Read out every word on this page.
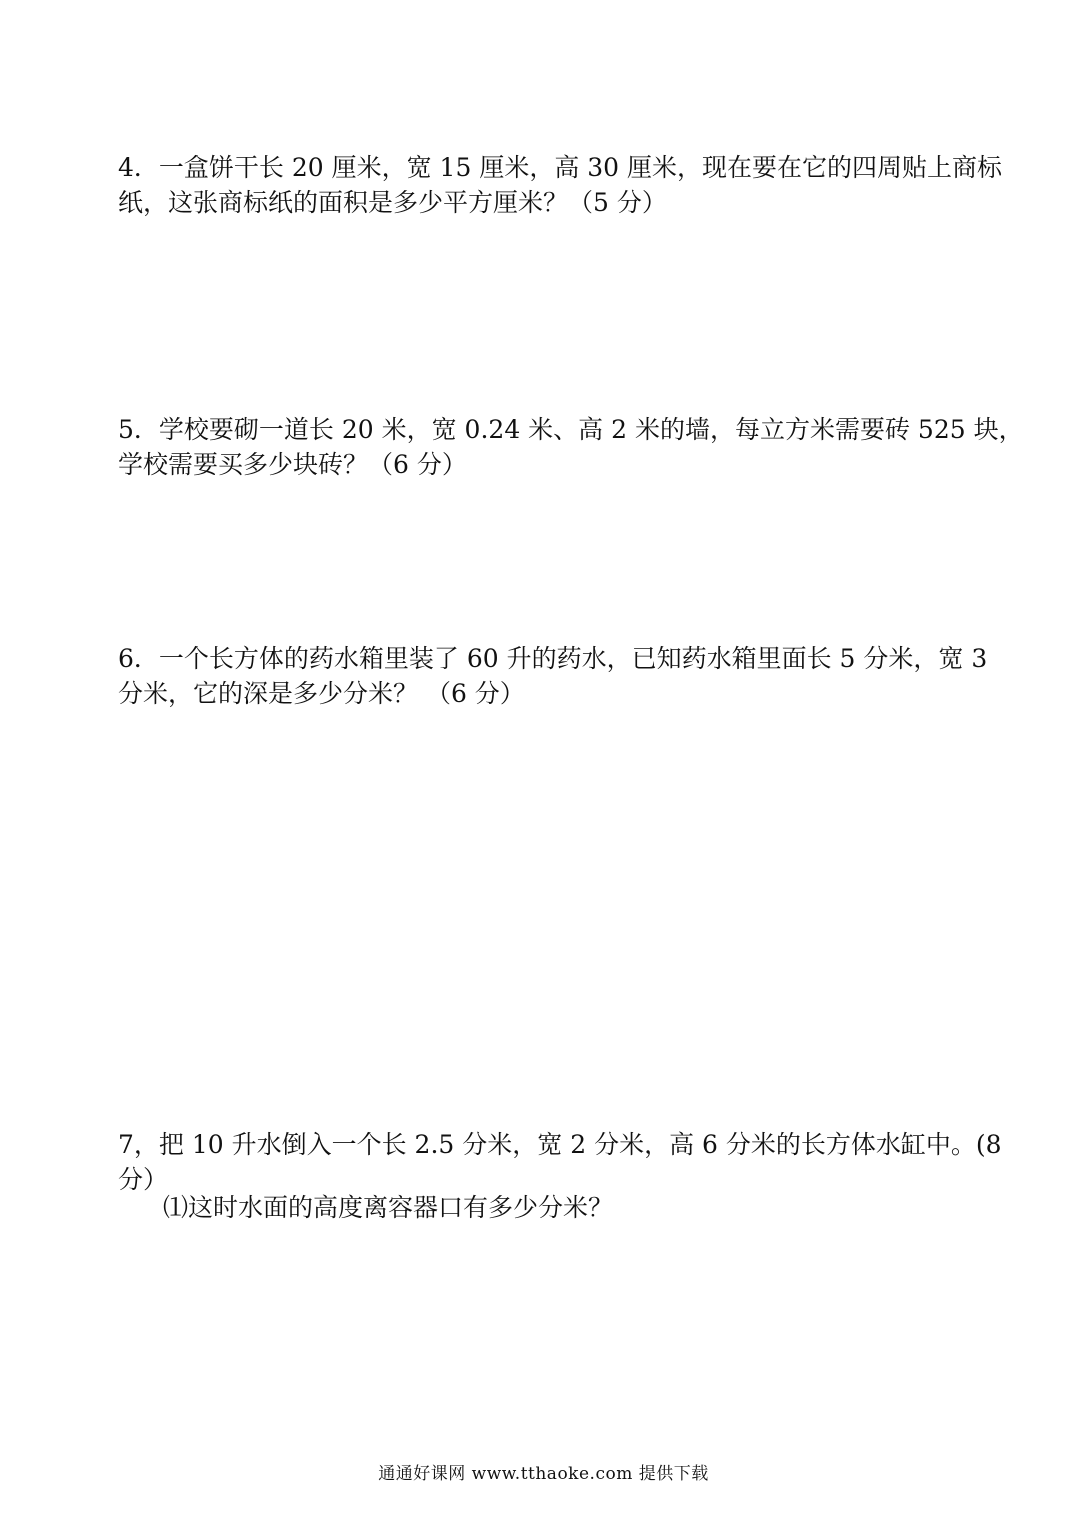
4．一盒饼干长 20 厘米，宽 15 厘米，高 30 厘米，现在要在它的四周贴上商标
纸，这张商标纸的面积是多少平方厘米？（5 分）
5．学校要砌一道长 20 米，宽 0.24 米、高 2 米的墙，每立方米需要砖 525 块，
学校需要买多少块砖？（6 分）
6．一个长方体的药水箱里装了 60 升的药水，已知药水箱里面长 5 分米，宽 3
分米，它的深是多少分米？ （6 分）
7，把 10 升水倒入一个长 2.5 分米，宽 2 分米，高 6 分米的长方体水缸中。(8
分）

⑴这时水面的高度离容器口有多少分米？

通通好课网 www.tthaoke.com 提供下载
